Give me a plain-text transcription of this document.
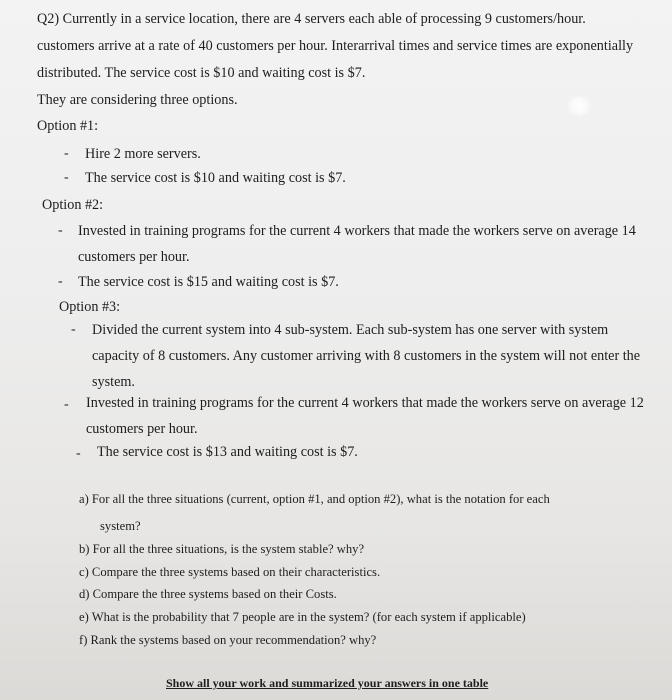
Q2) Currently in a service location, there are 4 servers each able of processing 9 customers/hour.
customers arrive at a rate of 40 customers per hour. Interarrival times and service times are exponentially
distributed. The service cost is $10 and waiting cost is $7.
They are considering three options.
Option #1:
- Hire 2 more servers.
- The service cost is $10 and waiting cost is $7.
Option #2:
- Invested in training programs for the current 4 workers that made the workers serve on average 14
customers per hour.
- The service cost is $15 and waiting cost is $7.
Option #3:
- Divided the current system into 4 sub-system. Each sub-system has one server with system
capacity of 8 customers. Any customer arriving with 8 customers in the system will not enter the
system.
- Invested in training programs for the current 4 workers that made the workers serve on average 12
customers per hour.
- The service cost is $13 and waiting cost is $7.
a) For all the three situations (current, option #1, and option #2), what is the notation for each
system?
b) For all the three situations, is the system stable? why?
c) Compare the three systems based on their characteristics.
d) Compare the three systems based on their Costs.
e) What is the probability that 7 people are in the system? (for each system if applicable)
f) Rank the systems based on your recommendation? why?
Show all your work and summarized your answers in one table
